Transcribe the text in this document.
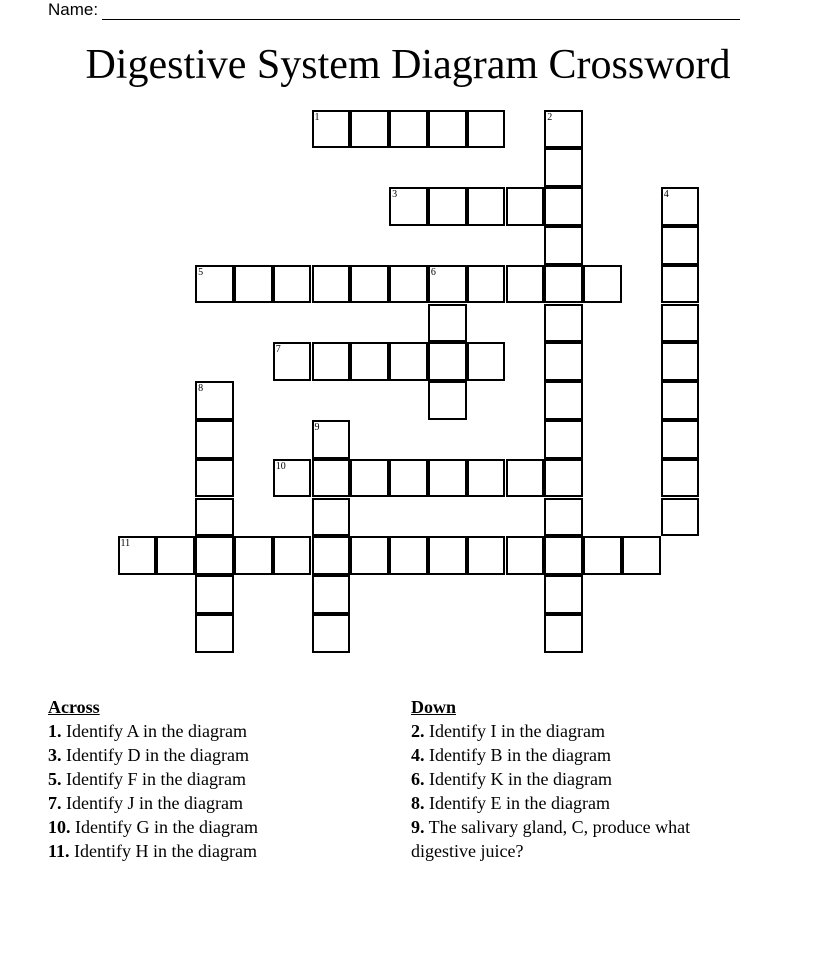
Name:
Digestive System Diagram Crossword
1	2
3	4
5	6
7
8
9
10
11
Across
1. Identify A in the diagram
3. Identify D in the diagram
5. Identify F in the diagram
7. Identify J in the diagram
10. Identify G in the diagram
11. Identify H in the diagram
Down
2. Identify I in the diagram
4. Identify B in the diagram
6. Identify K in the diagram
8. Identify E in the diagram
9. The salivary gland, C, produce what digestive juice?
